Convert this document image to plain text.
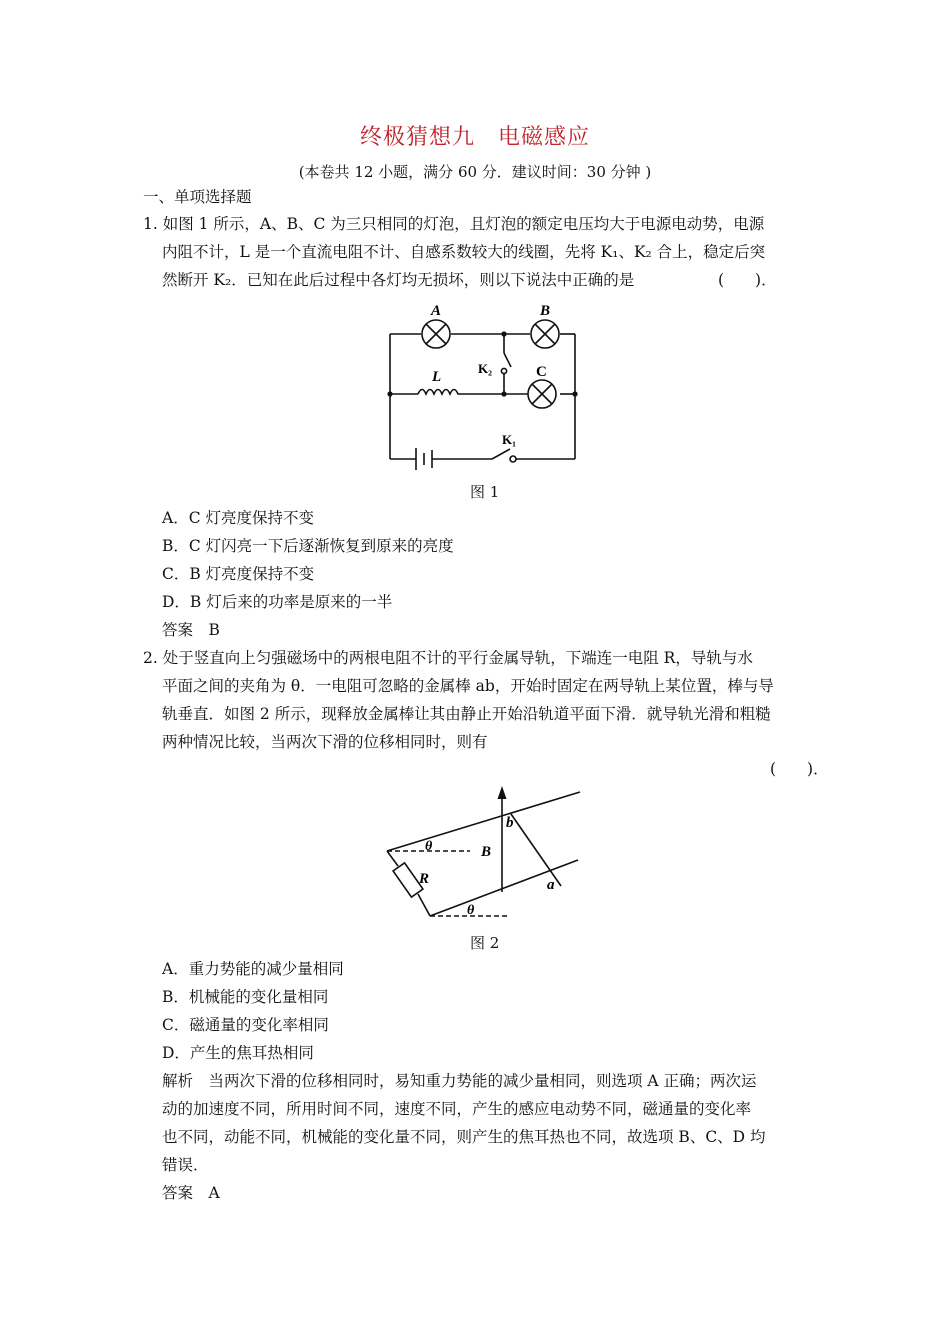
终极猜想九　电磁感应
(本卷共 12 小题，满分 60 分．建议时间：30 分钟 )
一、单项选择题
1. 如图 1 所示，A、B、C 为三只相同的灯泡，且灯泡的额定电压均大于电源电动势，电源
内阻不计，L 是一个直流电阻不计、自感系数较大的线圈，先将 K₁、K₂ 合上，稳定后突
然断开 K₂．已知在此后过程中各灯均无损坏，则以下说法中正确的是	(　　)．
A	B
C
L
K₂
K₁
图 1
A．C 灯亮度保持不变
B．C 灯闪亮一下后逐渐恢复到原来的亮度
C．B 灯亮度保持不变
D．B 灯后来的功率是原来的一半
答案　B
2. 处于竖直向上匀强磁场中的两根电阻不计的平行金属导轨，下端连一电阻 R，导轨与水
平面之间的夹角为 θ．一电阻可忽略的金属棒 ab，开始时固定在两导轨上某位置，棒与导
轨垂直．如图 2 所示，现释放金属棒让其由静止开始沿轨道平面下滑．就导轨光滑和粗糙
两种情况比较，当两次下滑的位移相同时，则有
(　　)．
θ
θ
B
R
b
a
图 2
A．重力势能的减少量相同
B．机械能的变化量相同
C．磁通量的变化率相同
D．产生的焦耳热相同
解析　当两次下滑的位移相同时，易知重力势能的减少量相同，则选项 A 正确；两次运
动的加速度不同，所用时间不同，速度不同，产生的感应电动势不同，磁通量的变化率
也不同，动能不同，机械能的变化量不同，则产生的焦耳热也不同，故选项 B、C、D 均
错误．
答案　A
